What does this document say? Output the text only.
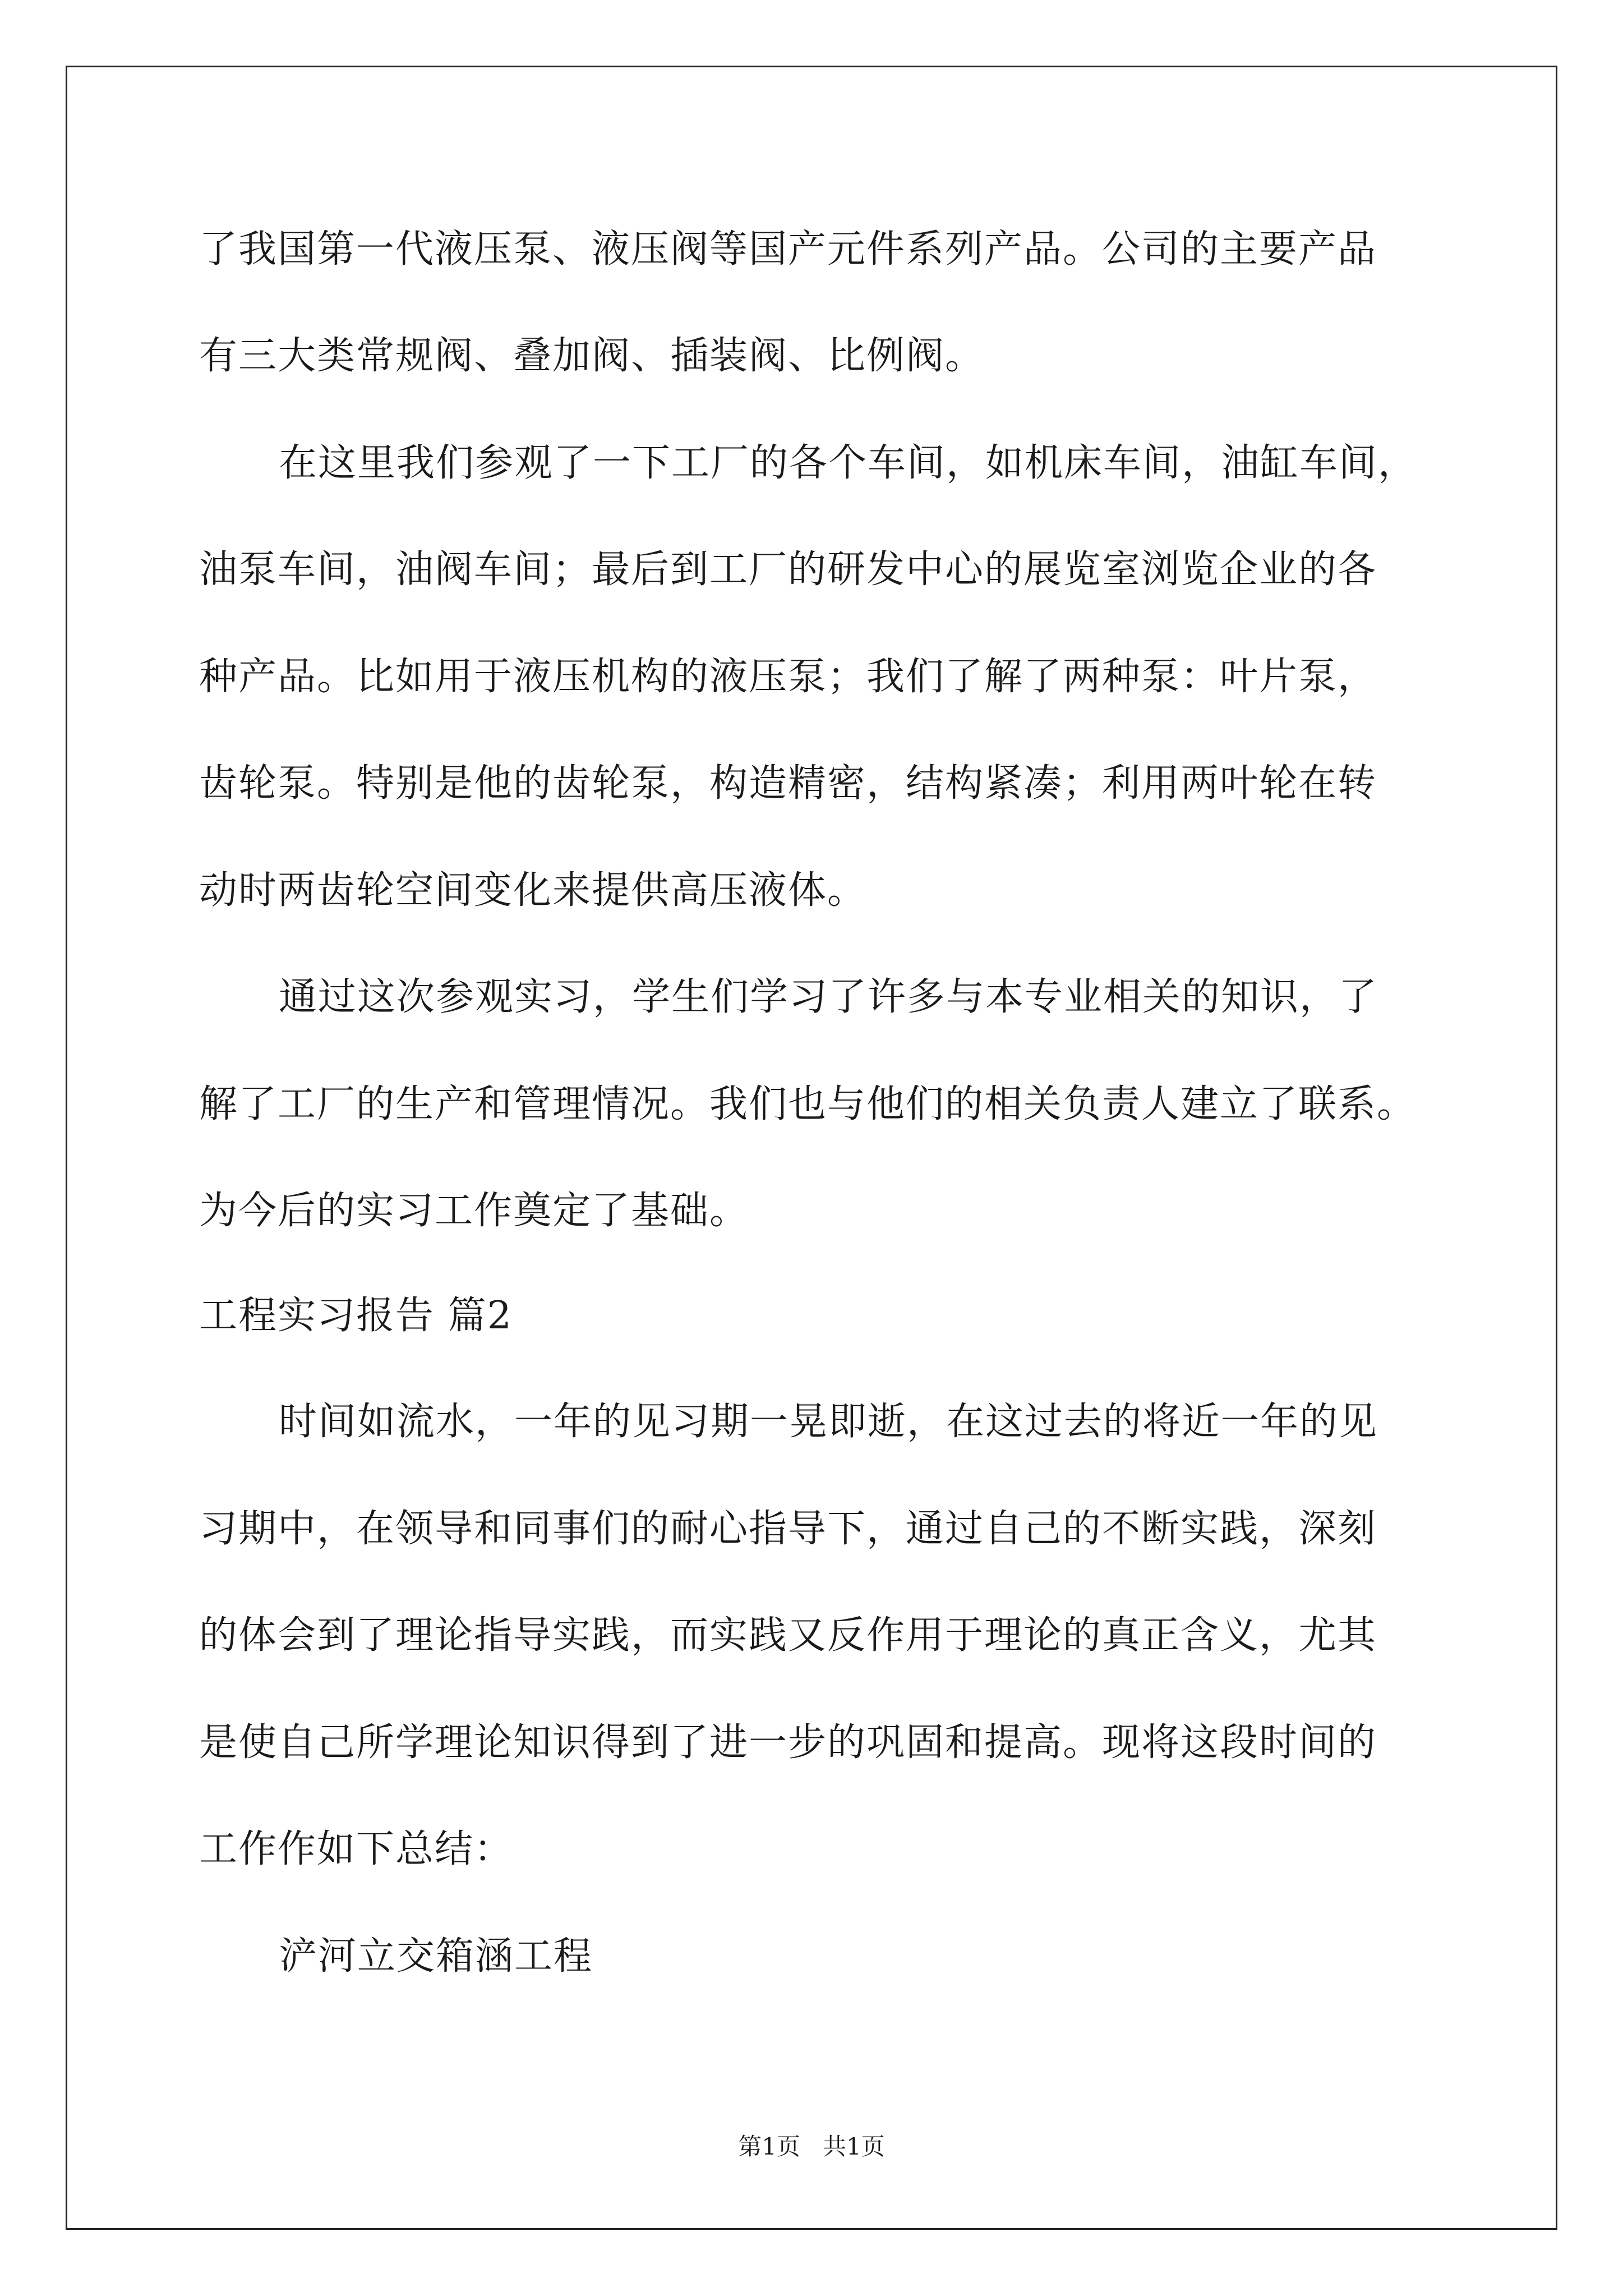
了我国第一代液压泵、液压阀等国产元件系列产品。公司的主要产品
有三大类常规阀、叠加阀、插装阀、比例阀。
在这里我们参观了一下工厂的各个车间，如机床车间，油缸车间，
油泵车间，油阀车间；最后到工厂的研发中心的展览室浏览企业的各
种产品。比如用于液压机构的液压泵；我们了解了两种泵：叶片泵，
齿轮泵。特别是他的齿轮泵，构造精密，结构紧凑；利用两叶轮在转
动时两齿轮空间变化来提供高压液体。
通过这次参观实习，学生们学习了许多与本专业相关的知识，了
解了工厂的生产和管理情况。我们也与他们的相关负责人建立了联系。
为今后的实习工作奠定了基础。
工程实习报告 篇2
时间如流水，一年的见习期一晃即逝，在这过去的将近一年的见
习期中，在领导和同事们的耐心指导下，通过自己的不断实践，深刻
的体会到了理论指导实践，而实践又反作用于理论的真正含义，尤其
是使自己所学理论知识得到了进一步的巩固和提高。现将这段时间的
工作作如下总结：
浐河立交箱涵工程
第1页   共1页
